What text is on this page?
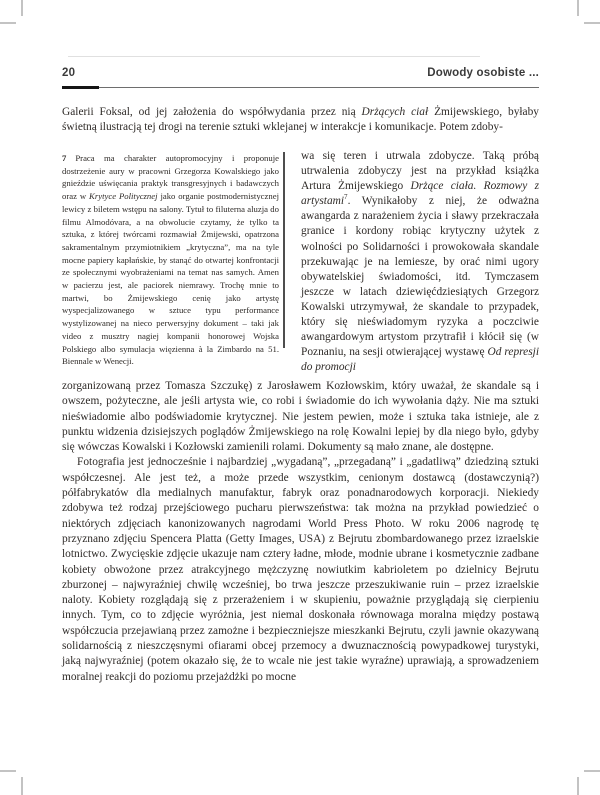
20	Dowody osobiste ...

Galerii Foksal, od jej założenia do współwydania przez nią Drżących ciał Żmijewskiego, byłaby świetną ilustracją tej drogi na terenie sztuki wklejanej w interakcje i komunikacje. Potem zdoby-

7 Praca ma charakter autopromocyjny i proponuje dostrzeżenie aury w pracowni Grzegorza Kowalskiego jako gnieździe uświęcania praktyk transgresyjnych i badawczych oraz w Krytyce Politycznej jako organie postmodernistycznej lewicy z biletem wstępu na salony. Tytuł to filuterna aluzja do filmu Almodóvara, a na obwolucie czytamy, że tylko ta sztuka, z której twórcami rozmawiał Żmijewski, opatrzona sakramentalnym przymiotnikiem „krytyczna”, ma na tyle mocne papiery kapłańskie, by stanąć do otwartej konfrontacji ze społecznymi wyobrażeniami na temat nas samych. Amen w pacierzu jest, ale paciorek niemrawy. Trochę mnie to martwi, bo Żmijewskiego cenię jako artystę wyspecjalizowanego w sztuce typu performance wystylizowanej na nieco perwersyjny dokument – taki jak video z musztry nagiej kompanii honorowej Wojska Polskiego albo symulacja więzienna à la Zimbardo na 51. Biennale w Wenecji.
wa się teren i utrwala zdobycze. Taką próbą utrwalenia zdobyczy jest na przykład książka Artura Żmijewskiego Drżące ciała. Rozmowy z artystami$^7$. Wynikałoby z niej, że odważna awangarda z narażeniem życia i sławy przekraczała granice i kordony robiąc krytyczny użytek z wolności po Solidarności i prowokowała skandale przekuwając je na lemiesze, by orać nimi ugory obywatelskiej świadomości, itd. Tymczasem jeszcze w latach dziewięćdziesiątych Grzegorz Kowalski utrzymywał, że skandale to przypadek, który się nieświadomym ryzyka a poczciwie awangardowym artystom przytrafił i kłócił się (w Poznaniu, na sesji otwierającej wystawę Od represji do promocji

zorganizowaną przez Tomasza Szczukę) z Jarosławem Kozłowskim, który uważał, że skandale są i owszem, pożyteczne, ale jeśli artysta wie, co robi i świadomie do ich wywołania dąży. Nie ma sztuki nieświadomie albo podświadomie krytycznej. Nie jestem pewien, może i sztuka taka istnieje, ale z punktu widzenia dzisiejszych poglądów Żmijewskiego na rolę Kowalni lepiej by dla niego było, gdyby się wówczas Kowalski i Kozłowski zamienili rolami. Dokumenty są mało znane, ale dostępne.

Fotografia jest jednocześnie i najbardziej „wygadaną”, „przegadaną” i „gadatliwą” dziedziną sztuki współczesnej. Ale jest też, a może przede wszystkim, cenionym dostawcą (dostawczynią?) półfabrykatów dla medialnych manufaktur, fabryk oraz ponadnarodowych korporacji. Niekiedy zdobywa też rodzaj przejściowego pucharu pierwszeństwa: tak można na przykład powiedzieć o niektórych zdjęciach kanonizowanych nagrodami World Press Photo. W roku 2006 nagrodę tę przyznano zdjęciu Spencera Platta (Getty Images, USA) z Bejrutu zbombardowanego przez izraelskie lotnictwo. Zwycięskie zdjęcie ukazuje nam cztery ładne, młode, modnie ubrane i kosmetycznie zadbane kobiety obwożone przez atrakcyjnego mężczyznę nowiutkim kabrioletem po dzielnicy Bejrutu zburzonej – najwyraźniej chwilę wcześniej, bo trwa jeszcze przeszukiwanie ruin – przez izraelskie naloty. Kobiety rozglądają się z przerażeniem i w skupieniu, poważnie przyglądają się cierpieniu innych. Tym, co to zdjęcie wyróżnia, jest niemal doskonała równowaga moralna między postawą współczucia przejawianą przez zamożne i bezpieczniejsze mieszkanki Bejrutu, czyli jawnie okazywaną solidarnością z nieszczęsnymi ofiarami obcej przemocy a dwuznacznością powypadkowej turystyki, jaką najwyraźniej (potem okazało się, że to wcale nie jest takie wyraźne) uprawiają, a sprowadzeniem moralnej reakcji do poziomu przejażdżki po mocne
